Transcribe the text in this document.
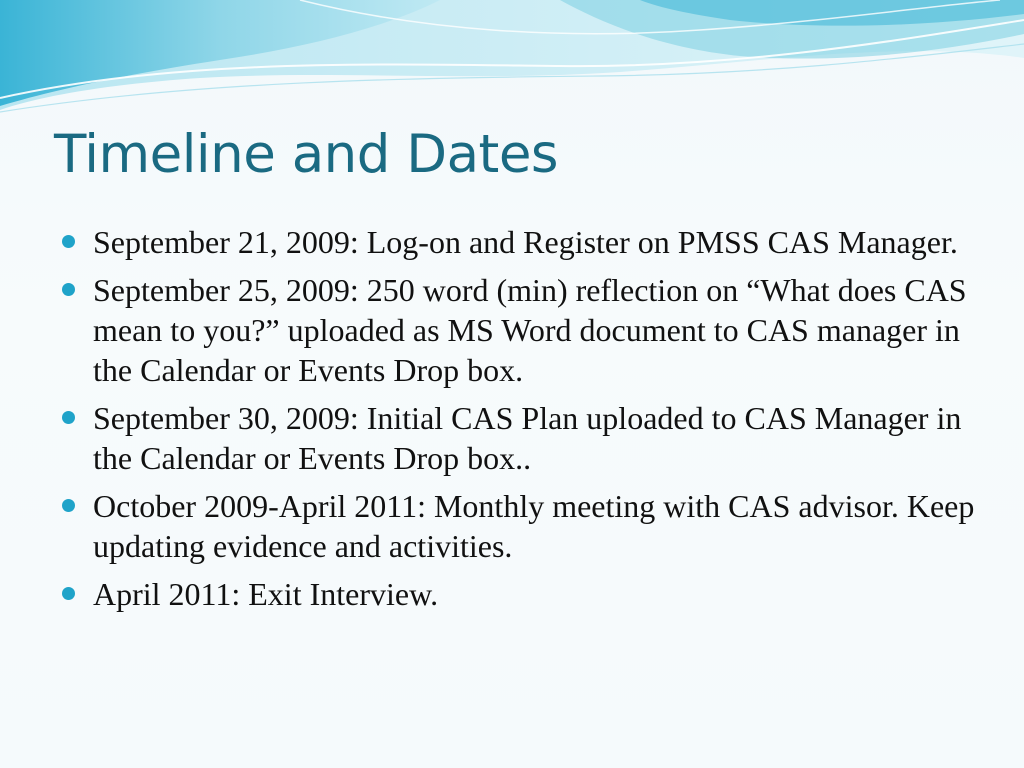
Timeline and Dates
September 21, 2009: Log-on and Register on PMSS CAS Manager.
September 25, 2009: 250 word (min) reflection on “What does CAS mean to you?” uploaded as MS Word document to CAS manager in the Calendar or Events Drop box.
September 30, 2009: Initial CAS Plan uploaded to CAS Manager in the Calendar or Events Drop box..
October 2009-April 2011: Monthly meeting with CAS advisor. Keep updating evidence and activities.
April 2011: Exit Interview.
